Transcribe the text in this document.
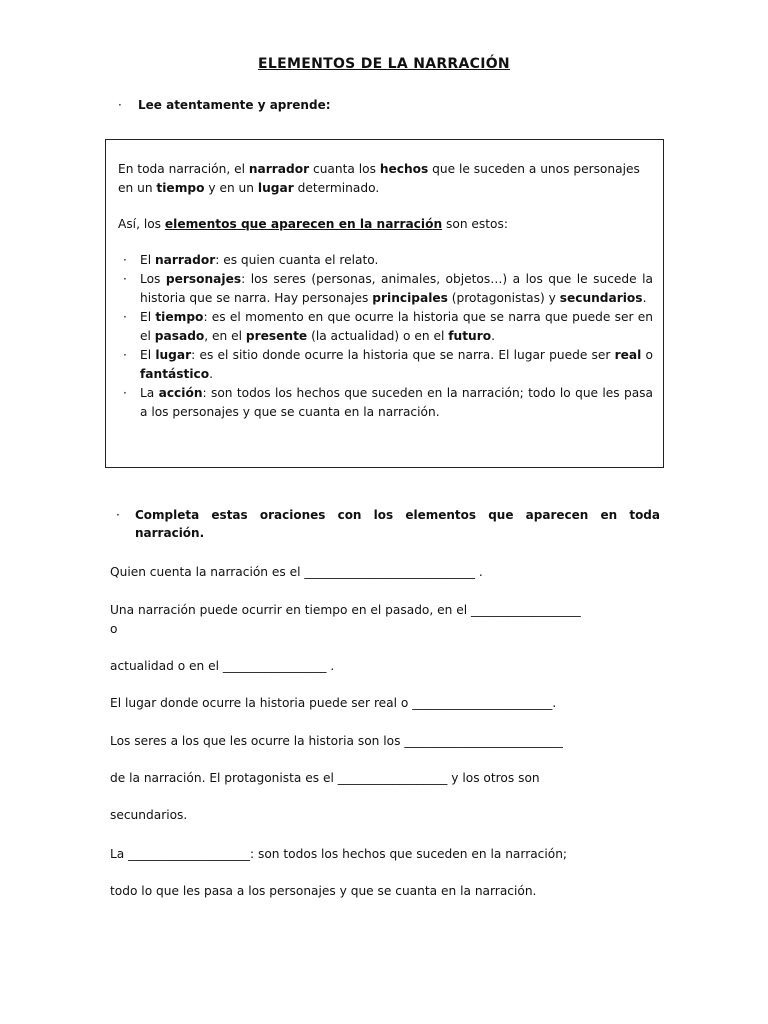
ELEMENTOS DE LA NARRACIÓN
· Lee atentamente y aprende:

En toda narración, el narrador cuanta los hechos que le suceden a unos personajes en un tiempo y en un lugar determinado.

Así, los elementos que aparecen en la narración son estos:

· El narrador: es quien cuanta el relato.
· Los personajes: los seres (personas, animales, objetos…) a los que le sucede la historia que se narra. Hay personajes principales (protagonistas) y secundarios.
· El tiempo: es el momento en que ocurre la historia que se narra que puede ser en el pasado, en el presente (la actualidad) o en el futuro.
· El lugar: es el sitio donde ocurre la historia que se narra. El lugar puede ser real o fantástico.
· La acción: son todos los hechos que suceden en la narración; todo lo que les pasa a los personajes y que se cuanta en la narración.
· Completa estas oraciones con los elementos que aparecen en toda
narración.
Quien cuenta la narración es el ____________________________ .
Una narración puede ocurrir en tiempo en el pasado, en el __________________
o
actualidad o en el _________________ .
El lugar donde ocurre la historia puede ser real o _______________________.
Los seres a los que les ocurre la historia son los __________________________
de la narración. El protagonista es el __________________ y los otros son
secundarios.
La ____________________: son todos los hechos que suceden en la narración;
todo lo que les pasa a los personajes y que se cuanta en la narración.
